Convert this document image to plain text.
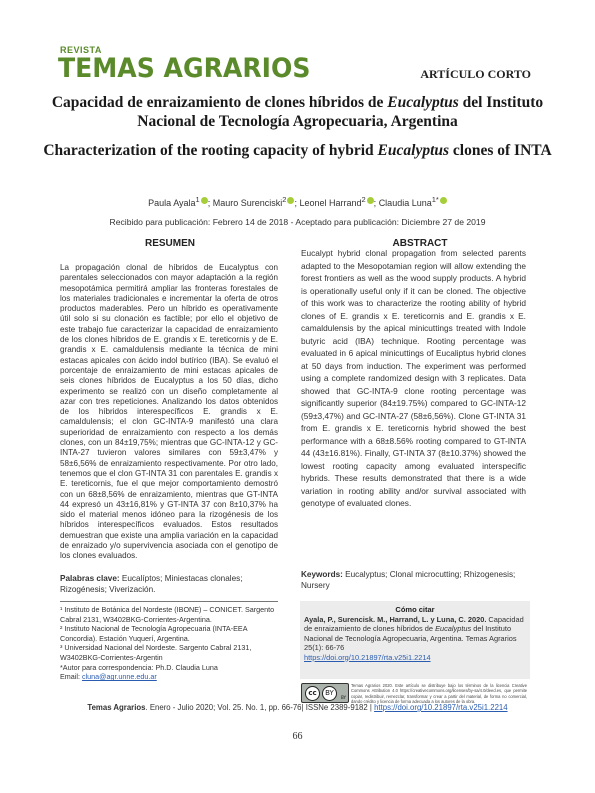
REVISTA
TEMAS AGRARIOS	ARTÍCULO CORTO
Capacidad de enraizamiento de clones híbridos de Eucalyptus del Instituto Nacional de Tecnología Agropecuaria, Argentina
Characterization of the rooting capacity of hybrid Eucalyptus clones of INTA
Paula Ayala$^1$ ; Mauro Surenciski$^2$ ; Leonel Harrand$^2$ ; Claudia Luna$^{1*}$
Recibido para publicación: Febrero 14 de 2018 - Aceptado para publicación: Diciembre 27 de 2019
RESUMEN	ABSTRACT
La propagación clonal de híbridos de Eucalyptus con parentales seleccionados con mayor adaptación a la región mesopotámica permitirá ampliar las fronteras forestales de los materiales tradicionales e incrementar la oferta de otros productos maderables. Pero un híbrido es operativamente útil solo si su clonación es factible; por ello el objetivo de este trabajo fue caracterizar la capacidad de enraizamiento de los clones híbridos de E. grandis x E. tereticornis y de E. grandis x E. camaldulensis mediante la técnica de mini estacas apicales con ácido indol butírico (IBA). Se evaluó el porcentaje de enraizamiento de mini estacas apicales de seis clones híbridos de Eucalyptus a los 50 días, dicho experimento se realizó con un diseño completamente al azar con tres repeticiones. Analizando los datos obtenidos de los híbridos interespecíficos E. grandis x E. camaldulensis; el clon GC-INTA-9 manifestó una clara superioridad de enraizamiento con respecto a los demás clones, con un 84±19,75%; mientras que GC-INTA-12 y GC-INTA-27 tuvieron valores similares con 59±3,47% y 58±6,56% de enraizamiento respectivamente. Por otro lado, tenemos que el clon GT-INTA 31 con parentales E. grandis x E. tereticornis, fue el que mejor comportamiento demostró con un 68±8,56% de enraizamiento, mientras que GT-INTA 44 expresó un 43±16,81% y GT-INTA 37 con 8±10,37% ha sido el material menos idóneo para la rizogénesis de los híbridos interespecíficos evaluados. Estos resultados demuestran que existe una amplia variación en la capacidad de enraizado y/o supervivencia asociada con el genotipo de los clones evaluados.
Eucalypt hybrid clonal propagation from selected parents adapted to the Mesopotamian region will allow extending the forest frontiers as well as the wood supply products. A hybrid is operationally useful only if it can be cloned. The objective of this work was to characterize the rooting ability of hybrid clones of E. grandis x E. tereticornis and E. grandis x E. camaldulensis by the apical minicuttings treated with Indole butyric acid (IBA) technique. Rooting percentage was evaluated in 6 apical minicuttings of Eucaliptus hybrid clones at 50 days from induction. The experiment was performed using a complete randomized design with 3 replicates. Data showed that GC-INTA-9 clone rooting percentage was significantly superior (84±19.75%) compared to GC-INTA-12 (59±3,47%) and GC-INTA-27 (58±6,56%). Clone GT-INTA 31 from E. grandis x E. tereticornis hybrid showed the best performance with a 68±8.56% rooting compared to GT-INTA 44 (43±16.81%). Finally, GT-INTA 37 (8±10.37%) showed the lowest rooting capacity among evaluated interspecific hybrids. These results demonstrated that there is a wide variation in rooting ability and/or survival associated with genotype of evaluated clones.
Palabras clave: Eucalíptos; Miniestacas clonales; Rizogénesis; Viverización.
Keywords: Eucalyptus; Clonal microcutting; Rhizogenesis; Nursery
¹ Instituto de Botánica del Nordeste (IBONE) – CONICET. Sargento Cabral 2131, W3402BKG-Corrientes-Argentina.
² Instituto Nacional de Tecnología Agropecuaria (INTA-EEA Concordia). Estación Yuquerí, Argentina.
³ Universidad Nacional del Nordeste. Sargento Cabral 2131, W3402BKG-Corrientes-Argentin
*Autor para correspondencia: Ph.D. Claudia Luna
Email: cluna@agr.unne.edu.ar
Cómo citar
Ayala, P., Surencisk. M., Harrand, L. y Luna, C. 2020. Capacidad de enraizamiento de clones híbridos de Eucalyptus del Instituto Nacional de Tecnología Agropecuaria, Argentina. Temas Agrarios 25(1): 66-76
https://doi.org/10.21897/rta.v25i1.2214
cc	BY
BY
Temas Agrarios 2020. Este artículo se distribuye bajo los términos de la licencia Creative Commons Attribution 4.0 https://creativecommons.org/licenses/by-sa/4.0/deed.es, que permite copiar, redistribuir, remezclar, transformar y crear a partir del material, de forma no comercial, dando crédito y licencia de forma adecuada a los autores de la obra.
Temas Agrarios. Enero - Julio 2020; Vol. 25. No. 1, pp. 66-76| ISSNe 2389-9182 | https://doi.org/10.21897/rta.v25i1.2214
66
